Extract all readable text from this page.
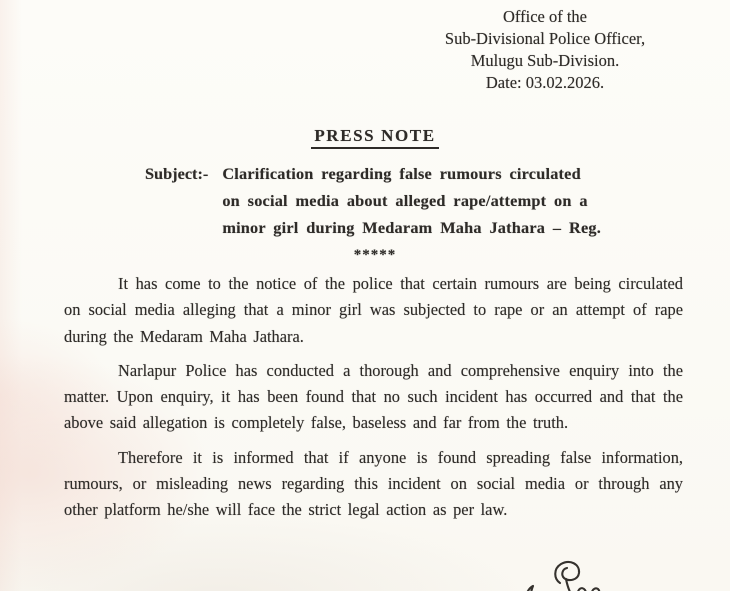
Office of the
Sub-Divisional Police Officer,
Mulugu Sub-Division.
Date: 03.02.2026.
PRESS NOTE
Subject:- Clarification regarding false rumours circulated
on social media about alleged rape/attempt on a
minor girl during Medaram Maha Jathara – Reg.
*****

It has come to the notice of the police that certain rumours are being circulated on social media alleging that a minor girl was subjected to rape or an attempt of rape during the Medaram Maha Jathara.

Narlapur Police has conducted a thorough and comprehensive enquiry into the matter. Upon enquiry, it has been found that no such incident has occurred and that the above said allegation is completely false, baseless and far from the truth.

Therefore it is informed that if anyone is found spreading false information, rumours, or misleading news regarding this incident on social media or through any other platform he/she will face the strict legal action as per law.
